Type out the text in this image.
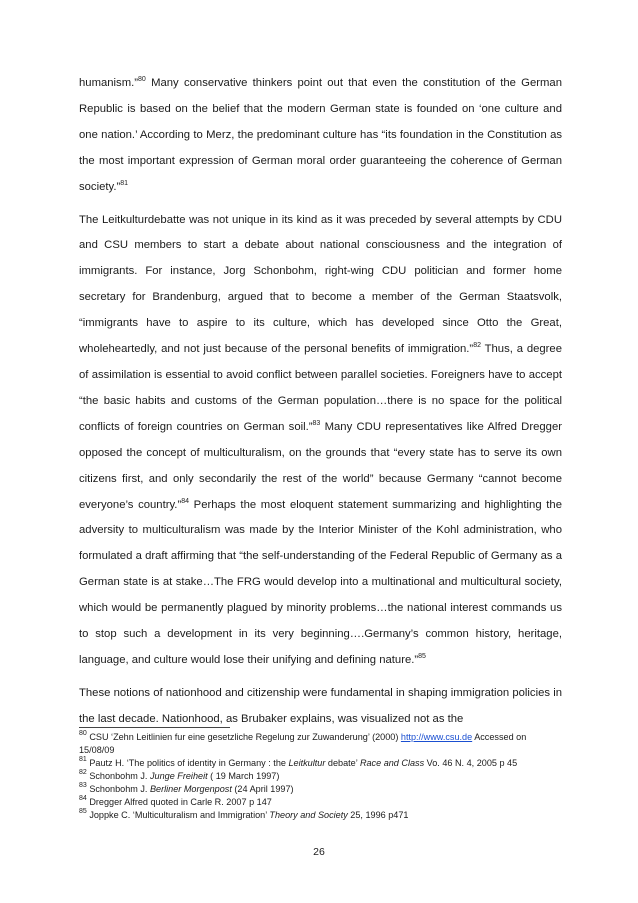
humanism.”$^{80}$ Many conservative thinkers point out that even the constitution of the German Republic is based on the belief that the modern German state is founded on ‘one culture and one nation.’ According to Merz, the predominant culture has “its foundation in the Constitution as the most important expression of German moral order guaranteeing the coherence of German society.”$^{81}$

The Leitkulturdebatte was not unique in its kind as it was preceded by several attempts by CDU and CSU members to start a debate about national consciousness and the integration of immigrants. For instance, Jorg Schonbohm, right-wing CDU politician and former home secretary for Brandenburg, argued that to become a member of the German Staatsvolk, “immigrants have to aspire to its culture, which has developed since Otto the Great, wholeheartedly, and not just because of the personal benefits of immigration.”$^{82}$ Thus, a degree of assimilation is essential to avoid conflict between parallel societies. Foreigners have to accept “the basic habits and customs of the German population…there is no space for the political conflicts of foreign countries on German soil.”$^{83}$ Many CDU representatives like Alfred Dregger opposed the concept of multiculturalism, on the grounds that “every state has to serve its own citizens first, and only secondarily the rest of the world” because Germany “cannot become everyone’s country.”$^{84}$ Perhaps the most eloquent statement summarizing and highlighting the adversity to multiculturalism was made by the Interior Minister of the Kohl administration, who formulated a draft affirming that “the self-understanding of the Federal Republic of Germany as a German state is at stake…The FRG would develop into a multinational and multicultural society, which would be permanently plagued by minority problems…the national interest commands us to stop such a development in its very beginning….Germany’s common history, heritage, language, and culture would lose their unifying and defining nature.”$^{85}$

These notions of nationhood and citizenship were fundamental in shaping immigration policies in the last decade. Nationhood, as Brubaker explains, was visualized not as the

$^{80}$ CSU ‘Zehn Leitlinien fur eine gesetzliche Regelung zur Zuwanderung’ (2000) http://www.csu.de Accessed on 15/08/09

$^{81}$ Pautz H. ‘The politics of identity in Germany : the Leitkultur debate’ Race and Class Vo. 46 N. 4, 2005 p 45

$^{82}$ Schonbohm J. Junge Freiheit ( 19 March 1997)

$^{83}$ Schonbohm J. Berliner Morgenpost (24 April 1997)

$^{84}$ Dregger Alfred quoted in Carle R. 2007 p 147

$^{85}$ Joppke C. ‘Multiculturalism and Immigration’ Theory and Society 25, 1996 p471

26
